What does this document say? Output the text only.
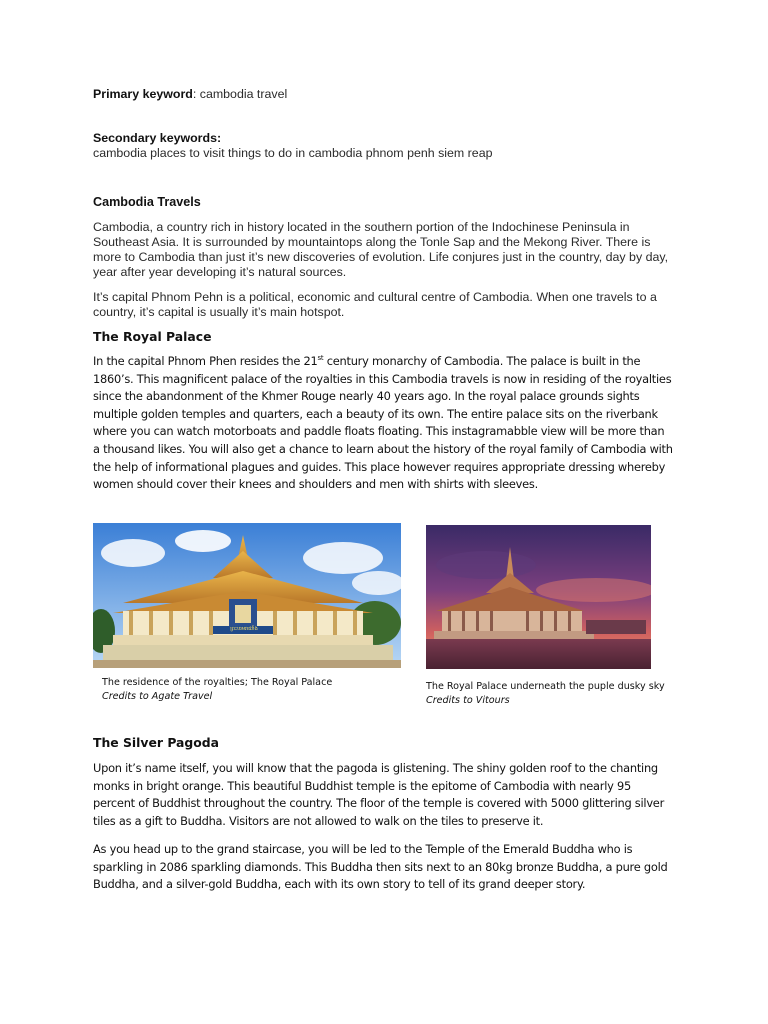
Primary keyword: cambodia travel
Secondary keywords:
cambodia places to visit things to do in cambodia phnom penh siem reap
Cambodia Travels

Cambodia, a country rich in history located in the southern portion of the Indochinese Peninsula in Southeast Asia. It is surrounded by mountaintops along the Tonle Sap and the Mekong River. There is more to Cambodia than just it’s new discoveries of evolution. Life conjures just in the country, day by day, year after year developing it’s natural sources.

It’s capital Phnom Pehn is a political, economic and cultural centre of Cambodia. When one travels to a country, it’s capital is usually it’s main hotspot.

The Royal Palace

In the capital Phnom Phen resides the 21st century monarchy of Cambodia. The palace is built in the 1860’s. This magnificent palace of the royalties in this Cambodia travels is now in residing of the royalties since the abandonment of the Khmer Rouge nearly 40 years ago. In the royal palace grounds sights multiple golden temples and quarters, each a beauty of its own. The entire palace sits on the riverbank where you can watch motorboats and paddle floats floating. This instagramabble view will be more than a thousand likes. You will also get a chance to learn about the history of the royal family of Cambodia with the help of informational plagues and guides. This place however requires appropriate dressing whereby women should cover their knees and shoulders and men with shirts with sleeves.

ព្រះបរមរាជវាំង
The residence of the royalties; The Royal Palace
Credits to Agate Travel
The Royal Palace underneath the puple dusky sky
Credits to Vitours
The Silver Pagoda

Upon it’s name itself, you will know that the pagoda is glistening. The shiny golden roof to the chanting monks in bright orange. This beautiful Buddhist temple is the epitome of Cambodia with nearly 95 percent of Buddhist throughout the country. The floor of the temple is covered with 5000 glittering silver tiles as a gift to Buddha. Visitors are not allowed to walk on the tiles to preserve it.

As you head up to the grand staircase, you will be led to the Temple of the Emerald Buddha who is sparkling in 2086 sparkling diamonds. This Buddha then sits next to an 80kg bronze Buddha, a pure gold Buddha, and a silver-gold Buddha, each with its own story to tell of its grand deeper story.
